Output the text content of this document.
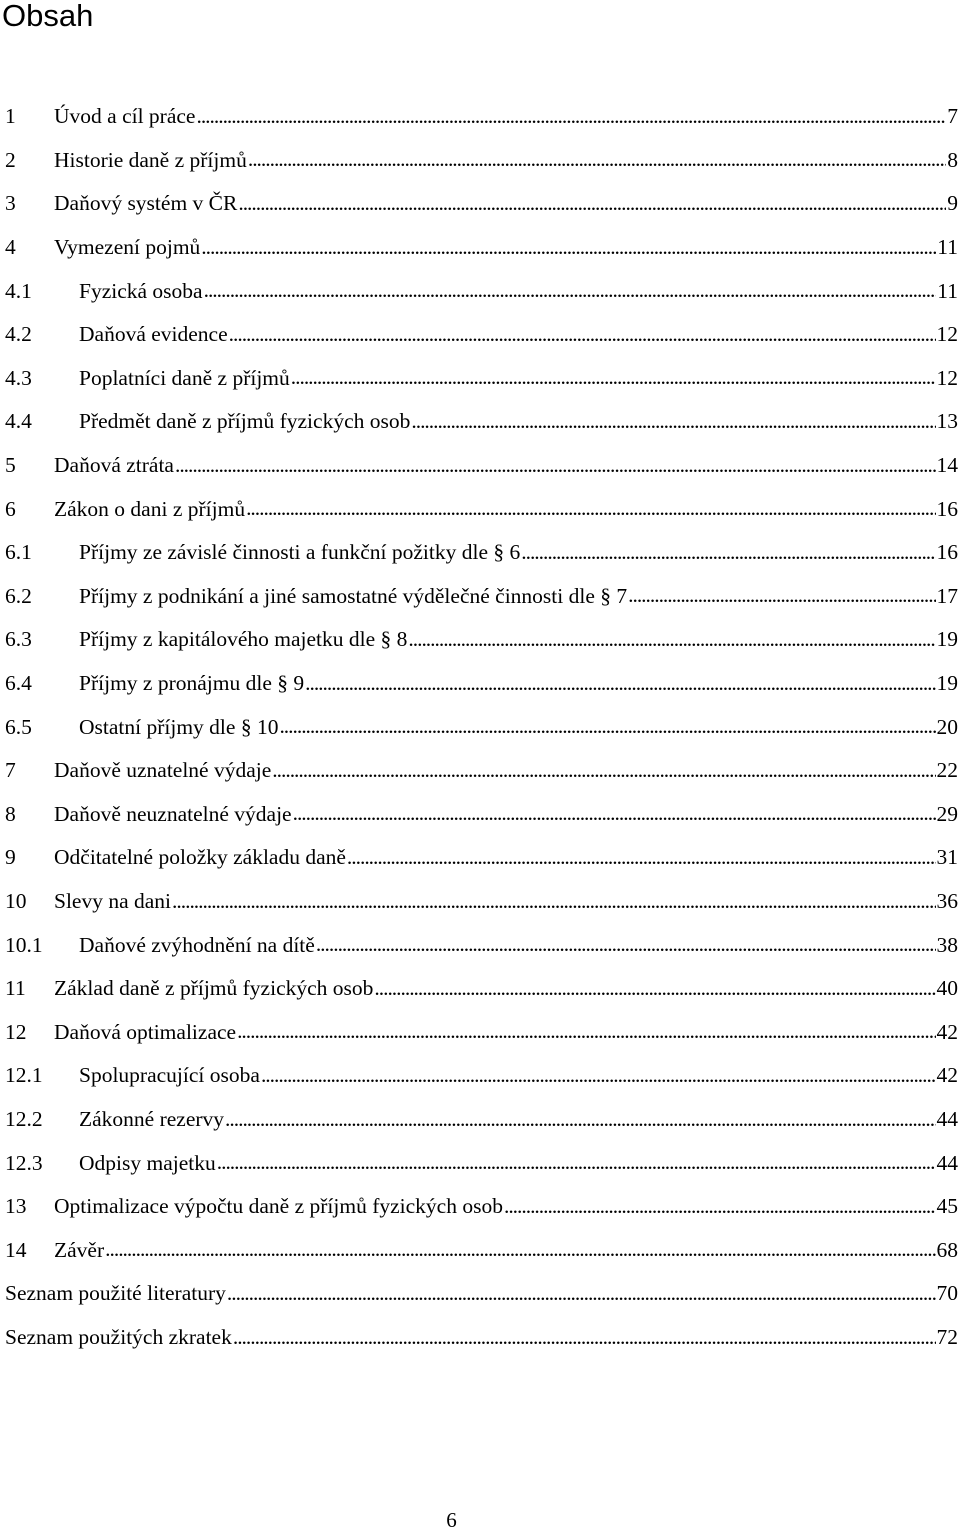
Obsah
1	Úvod a cíl práce . . .	7
2	Historie daně z příjmů . . .	8
3	Daňový systém v ČR . . .	9
4	Vymezení pojmů . . .	11
4.1	Fyzická osoba . . .	11
4.2	Daňová evidence . . .	12
4.3	Poplatníci daně z příjmů . . .	12
4.4	Předmět daně z příjmů fyzických osob . . .	13
5	Daňová ztráta . . .	14
6	Zákon o dani z příjmů . . .	16
6.1	Příjmy ze závislé činnosti a funkční požitky dle § 6 . . .	16
6.2	Příjmy z podnikání a jiné samostatné výdělečné činnosti dle § 7 . . .	17
6.3	Příjmy z kapitálového majetku dle § 8 . . .	19
6.4	Příjmy z pronájmu dle § 9 . . .	19
6.5	Ostatní příjmy dle § 10 . . .	20
7	Daňově uznatelné výdaje . . .	22
8	Daňově neuznatelné výdaje . . .	29
9	Odčitatelné položky základu daně . . .	31
10	Slevy na dani . . .	36
10.1	Daňové zvýhodnění na dítě . . .	38
11	Základ daně z příjmů fyzických osob . . .	40
12	Daňová optimalizace . . .	42
12.1	Spolupracující osoba . . .	42
12.2	Zákonné rezervy . . .	44
12.3	Odpisy majetku . . .	44
13	Optimalizace výpočtu daně z příjmů fyzických osob . . .	45
14	Závěr . . .	68
Seznam použité literatury . . .	70
Seznam použitých zkratek . . .	72
6
